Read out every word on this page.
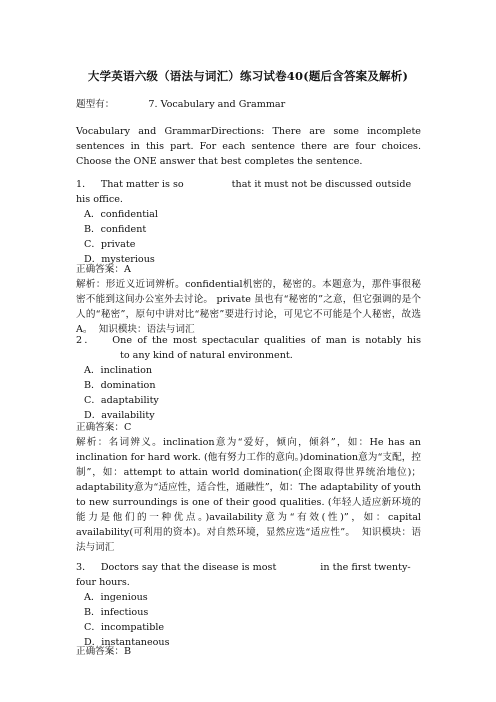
大学英语六级（语法与词汇）练习试卷40(题后含答案及解析)
题型有：	7. Vocabulary and Grammar
Vocabulary and GrammarDirections: There are some incomplete sentences in this part. For each sentence there are four choices. Choose the ONE answer that best completes the sentence.
1． That matter is so	that it must not be discussed outside his office.
A．confidential
B．confident
C．private
D．mysterious
正确答案：A
解析：形近义近词辨析。confidential机密的，秘密的。本题意为，那件事很秘密不能到这间办公室外去讨论。 private 虽也有“秘密的”之意，但它强调的是个人的“秘密”，原句中讲对比“秘密”要进行讨论，可见它不可能是个人秘密，故选A。 知识模块：语法与词汇
2． One of the most spectacular qualities of man is notably histo any kind of natural environment.
A．inclination
B．domination
C．adaptability
D．availability
正确答案：C
解析：名词辨义。inclination意为“爱好，倾向，倾斜”，如：He has an inclination for hard work. (他有努力工作的意向。)domination意为“支配，控制”，如：attempt to attain world domination(企图取得世界统治地位)；adaptability意为“适应性，适合性，通融性”，如：The adaptability of youth to new surroundings is one of their good qualities. (年轻人适应新环境的能力是他们的一种优点。)availability意为“有效(性)”，如：capital availability(可利用的资本)。对自然环境，显然应选“适应性”。 知识模块：语法与词汇
3． Doctors say that the disease is most	in the first twenty-four hours.
A．ingenious
B．infectious
C．incompatible
D．instantaneous
正确答案：B
